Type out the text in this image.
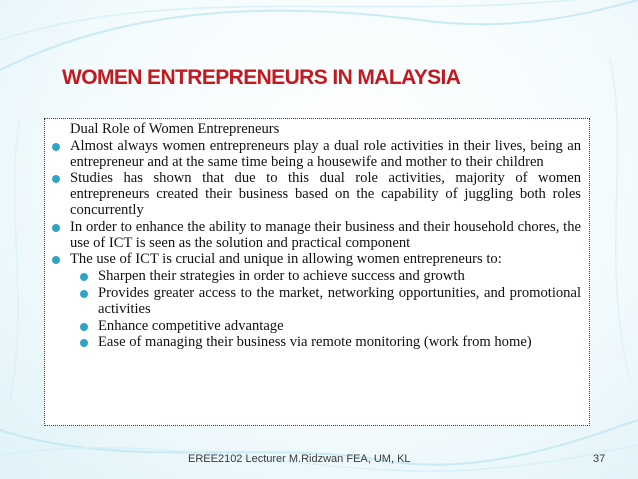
WOMEN ENTREPRENEURS IN MALAYSIA
Dual Role of Women Entrepreneurs
Almost always women entrepreneurs play a dual role activities in their lives, being an entrepreneur and at the same time being a housewife and mother to their children
Studies has shown that due to this dual role activities, majority of women entrepreneurs created their business based on the capability of juggling both roles concurrently
In order to enhance the ability to manage their business and their household chores, the use of ICT is seen as the solution and practical component
The use of ICT is crucial and unique in allowing women entrepreneurs to:
Sharpen their strategies in order to achieve success and growth
Provides greater access to the market, networking opportunities, and promotional activities
Enhance competitive advantage
Ease of managing their business via remote monitoring (work from home)
EREE2102 Lecturer M.Ridzwan FEA, UM, KL	37
